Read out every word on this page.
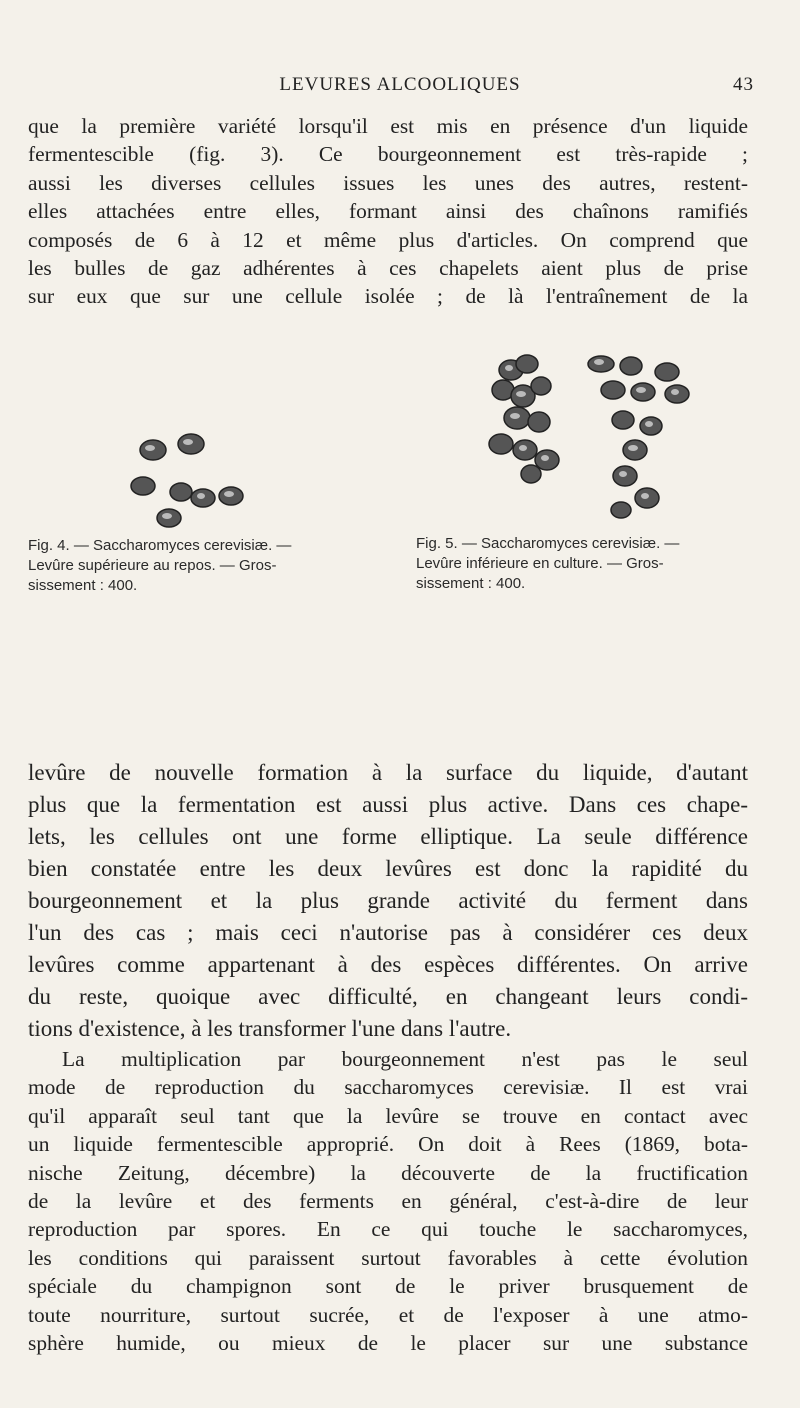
LEVURES ALCOOLIQUES	43

que la première variété lorsqu'il est mis en présence d'un liquide
fermentescible (fig. 3). Ce bourgeonnement est très-rapide ;
aussi les diverses cellules issues les unes des autres, restent-
elles attachées entre elles, formant ainsi des chaînons ramifiés
composés de 6 à 12 et même plus d'articles. On comprend que
les bulles de gaz adhérentes à ces chapelets aient plus de prise
sur eux que sur une cellule isolée ; de là l'entraînement de la

Fig. 4. — Saccharomyces cerevisiæ. —
Levûre supérieure au repos. — Gros-
sissement : 400.
Fig. 5. — Saccharomyces cerevisiæ. —
Levûre inférieure en culture. — Gros-
sissement : 400.

levûre de nouvelle formation à la surface du liquide, d'autant
plus que la fermentation est aussi plus active. Dans ces chape-
lets, les cellules ont une forme elliptique. La seule différence
bien constatée entre les deux levûres est donc la rapidité du
bourgeonnement et la plus grande activité du ferment dans
l'un des cas ; mais ceci n'autorise pas à considérer ces deux
levûres comme appartenant à des espèces différentes. On arrive
du reste, quoique avec difficulté, en changeant leurs condi-
tions d'existence, à les transformer l'une dans l'autre.

La multiplication par bourgeonnement n'est pas le seul
mode de reproduction du saccharomyces cerevisiæ. Il est vrai
qu'il apparaît seul tant que la levûre se trouve en contact avec
un liquide fermentescible approprié. On doit à Rees (1869, bota-
nische Zeitung, décembre) la découverte de la fructification
de la levûre et des ferments en général, c'est-à-dire de leur
reproduction par spores. En ce qui touche le saccharomyces,
les conditions qui paraissent surtout favorables à cette évolution
spéciale du champignon sont de le priver brusquement de
toute nourriture, surtout sucrée, et de l'exposer à une atmo-
sphère humide, ou mieux de le placer sur une substance
